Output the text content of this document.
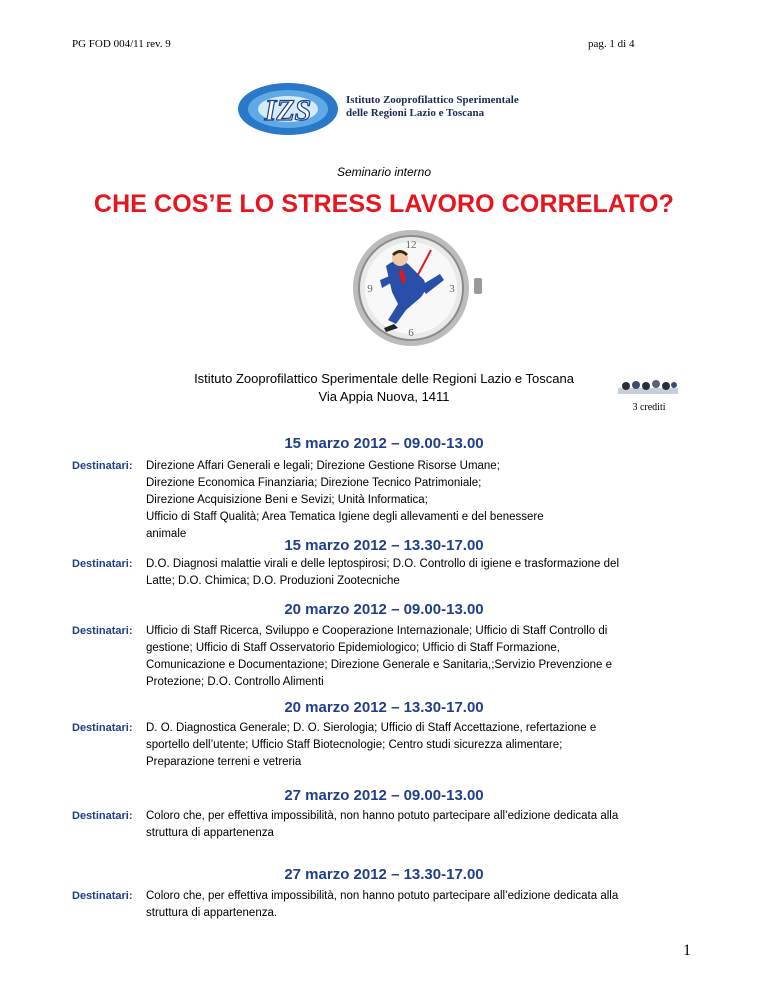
PG FOD 004/11 rev. 9	pag. 1 di 4
IZS	Istituto Zooprofilattico Sperimentale
delle Regioni Lazio e Toscana
Seminario interno
CHE COS’E LO STRESS LAVORO CORRELATO?
12
3
6
9
Istituto Zooprofilattico Sperimentale delle Regioni Lazio e Toscana
Via Appia Nuova, 1411
3 crediti
15 marzo 2012 – 09.00-13.00
Destinatari: Direzione Affari Generali e legali; Direzione Gestione Risorse Umane;
Direzione Economica Finanziaria; Direzione Tecnico Patrimoniale;
Direzione Acquisizione Beni e Sevizi; Unità Informatica;
Ufficio di Staff Qualità; Area Tematica Igiene degli allevamenti e del benessere
animale
15 marzo 2012 – 13.30-17.00
Destinatari: D.O. Diagnosi malattie virali e delle leptospirosi; D.O. Controllo di igiene e trasformazione del
Latte; D.O. Chimica; D.O. Produzioni Zootecniche
20 marzo 2012 – 09.00-13.00
Destinatari: Ufficio di Staff Ricerca, Sviluppo e Cooperazione Internazionale; Ufficio di Staff Controllo di
gestione; Ufficio di Staff Osservatorio Epidemiologico; Ufficio di Staff Formazione,
Comunicazione e Documentazione; Direzione Generale e Sanitaria,;Servizio Prevenzione e
Protezione; D.O. Controllo Alimenti
20 marzo 2012 – 13.30-17.00
Destinatari: D. O. Diagnostica Generale; D. O. Sierologia; Ufficio di Staff Accettazione, refertazione e
sportello dell’utente; Ufficio Staff Biotecnologie; Centro studi sicurezza alimentare;
Preparazione terreni e vetreria
27 marzo 2012 – 09.00-13.00
Destinatari: Coloro che, per effettiva impossibilità, non hanno potuto partecipare all’edizione dedicata alla
struttura di appartenenza
27 marzo 2012 – 13.30-17.00
Destinatari: Coloro che, per effettiva impossibilità, non hanno potuto partecipare all’edizione dedicata alla
struttura di appartenenza.
1
